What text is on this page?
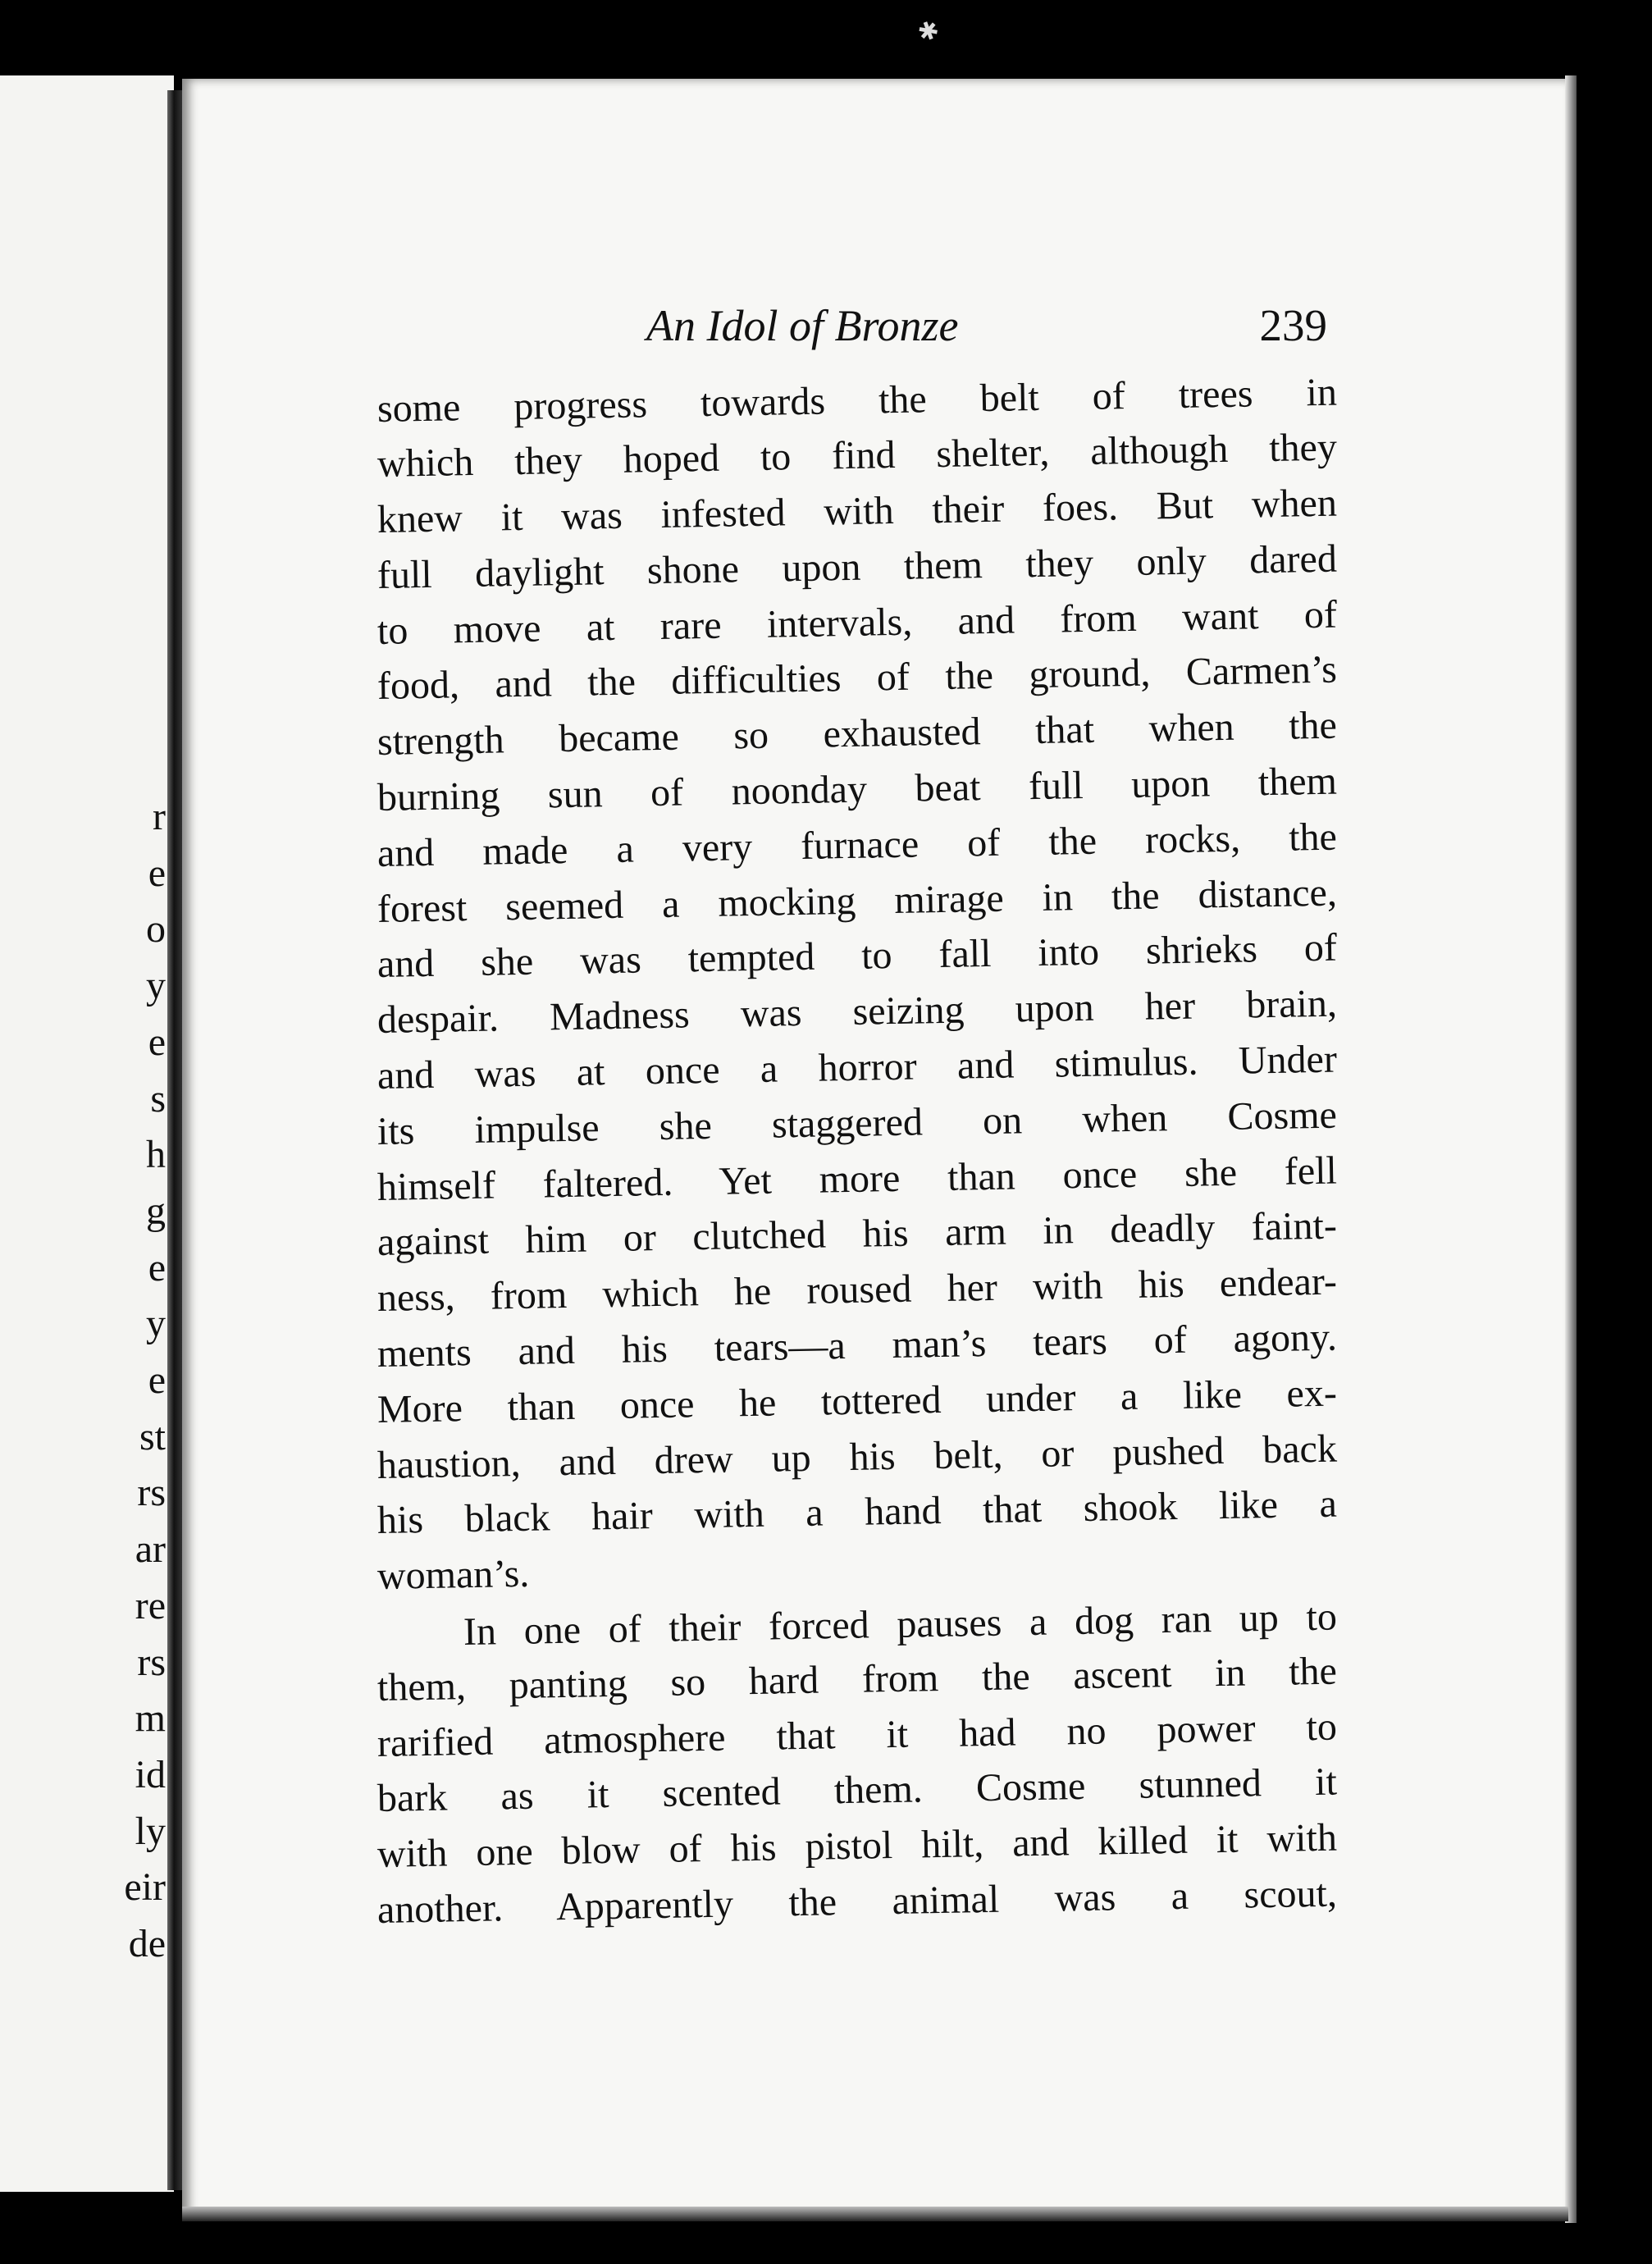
✱
r
e
o
y
e
s
h
g
e
y
e
st
rs
ar
re
rs
m
id
ly
eir
de
An Idol of Bronze	239
some progress towards the belt of trees in
which they hoped to find shelter, although they
knew it was infested with their foes. But when
full daylight shone upon them they only dared
to move at rare intervals, and from want of
food, and the difficulties of the ground, Carmen’s
strength became so exhausted that when the
burning sun of noonday beat full upon them
and made a very furnace of the rocks, the
forest seemed a mocking mirage in the distance,
and she was tempted to fall into shrieks of
despair. Madness was seizing upon her brain,
and was at once a horror and stimulus. Under
its impulse she staggered on when Cosme
himself faltered. Yet more than once she fell
against him or clutched his arm in deadly faint-
ness, from which he roused her with his endear-
ments and his tears—a man’s tears of agony.
More than once he tottered under a like ex-
haustion, and drew up his belt, or pushed back
his black hair with a hand that shook like a
woman’s.
In one of their forced pauses a dog ran up to
them, panting so hard from the ascent in the
rarified atmosphere that it had no power to
bark as it scented them. Cosme stunned it
with one blow of his pistol hilt, and killed it with
another. Apparently the animal was a scout,
